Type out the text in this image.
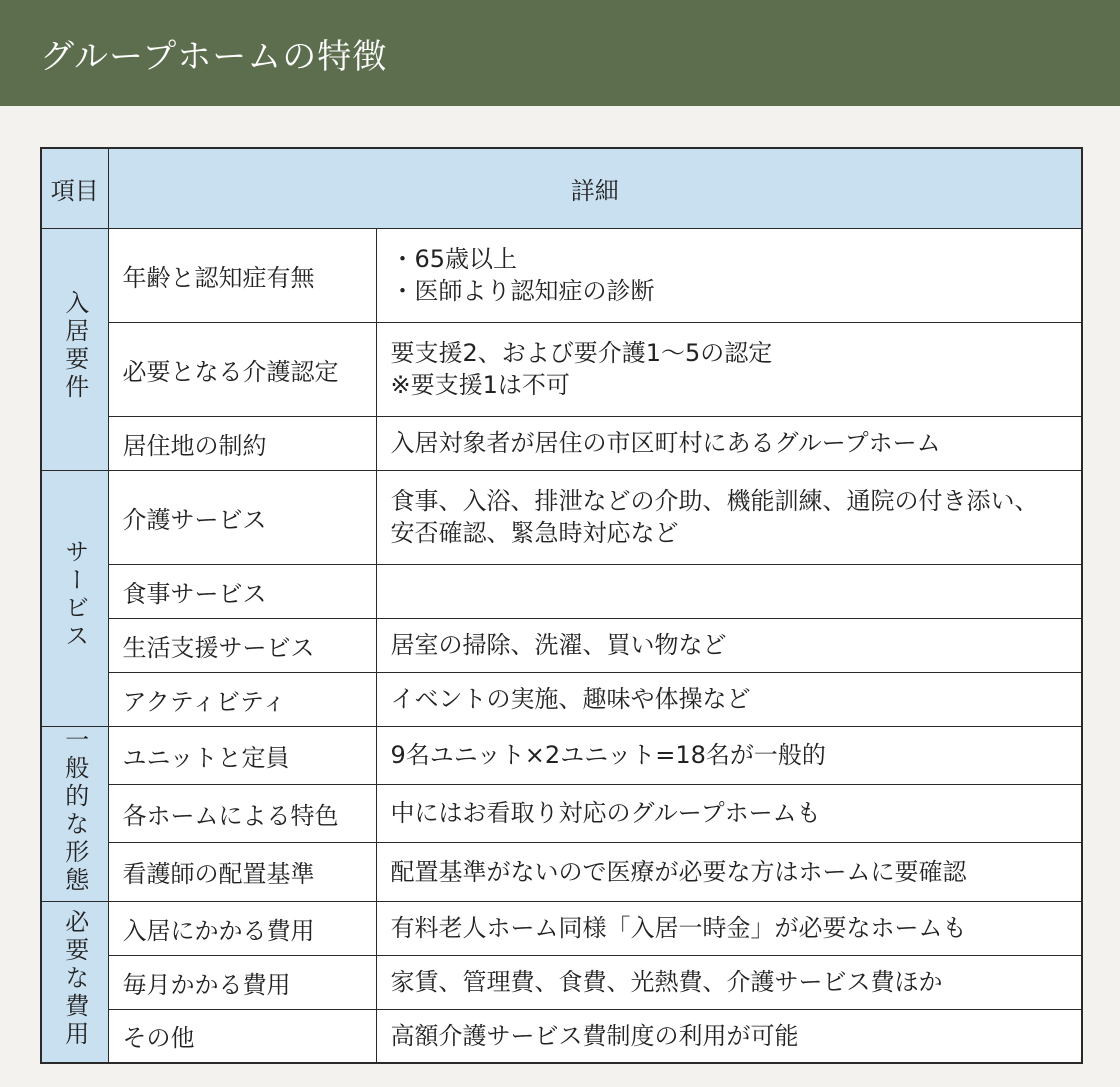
グループホームの特徴
項目	詳細	
入居要件	年齢と認知症有無	・65歳以上
・医師より認知症の診断

	必要となる介護認定	要支援2、および要介護1〜5の認定
※要支援1は不可

	居住地の制約	入居対象者が居住の市区町村にあるグループホーム

サービス	介護サービス	食事、入浴、排泄などの介助、機能訓練、通院の付き添い、
安否確認、緊急時対応など

	食事サービス	
	生活支援サービス	居室の掃除、洗濯、買い物など

	アクティビティ	イベントの実施、趣味や体操など

一般的な形態	ユニットと定員	9名ユニット×2ユニット=18名が一般的

	各ホームによる特色	中にはお看取り対応のグループホームも

	看護師の配置基準	配置基準がないので医療が必要な方はホームに要確認

必要な費用	入居にかかる費用	有料老人ホーム同様「入居一時金」が必要なホームも

	毎月かかる費用	家賃、管理費、食費、光熱費、介護サービス費ほか

	その他	高額介護サービス費制度の利用が可能
